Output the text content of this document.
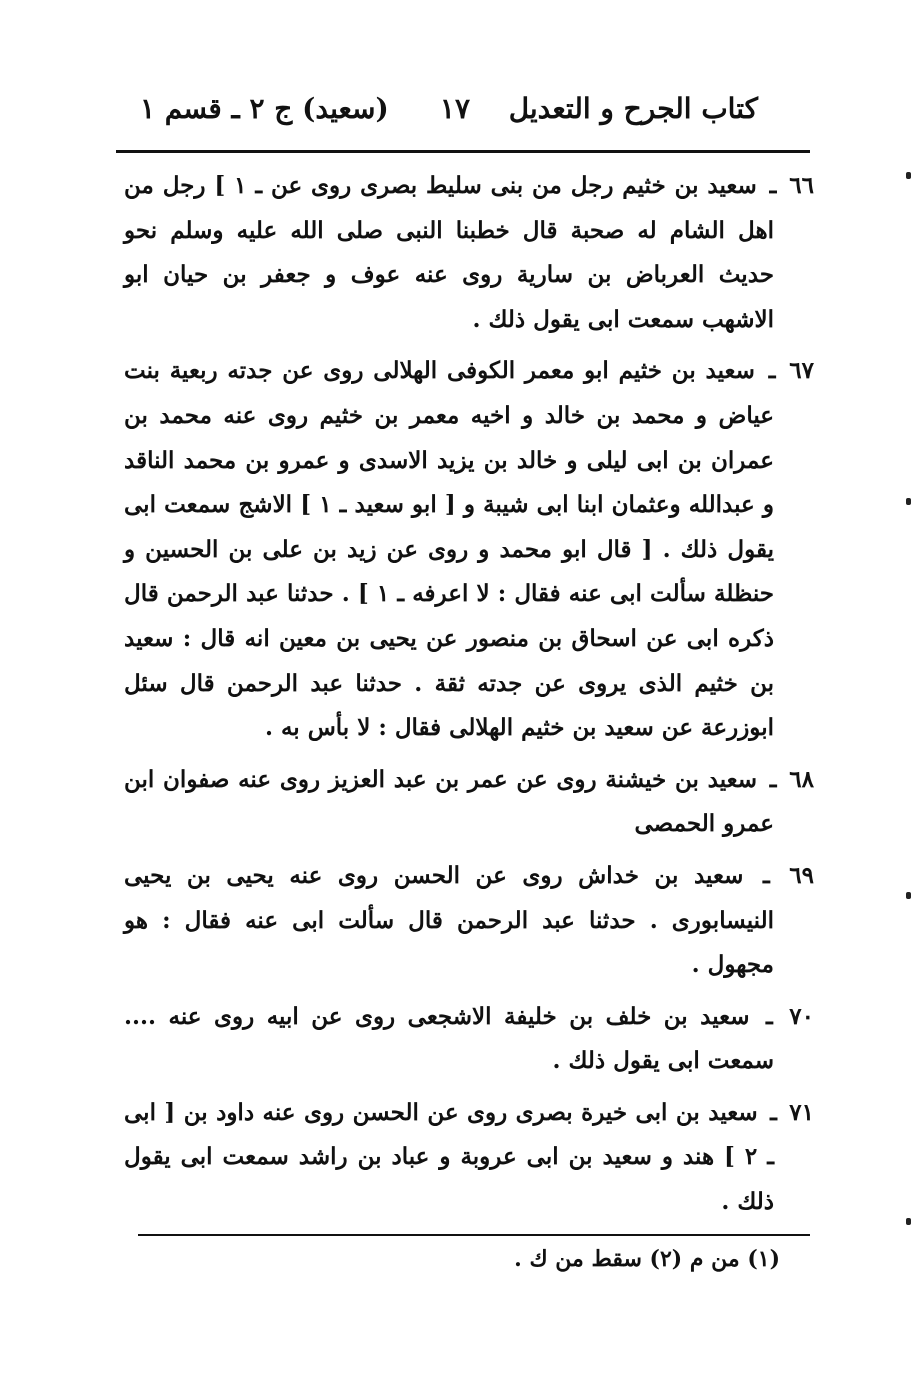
كتاب الجرح و التعديل
١٧
(سعيد) ج ٢ ـ قسم ١

٦٦ ـ سعيد بن خثيم رجل من بنى سليط بصرى روى عن ـ ١ ] رجل من اهل الشام له صحبة قال خطبنا النبى صلى الله عليه وسلم نحو حديث العرباض بن سارية روى عنه عوف و جعفر بن حيان ابو الاشهب سمعت ابى يقول ذلك .

٦٧ ـ سعيد بن خثيم ابو معمر الكوفى الهلالى روى عن جدته ربعية بنت عياض و محمد بن خالد و اخيه معمر بن خثيم روى عنه محمد بن عمران بن ابى ليلى و خالد بن يزيد الاسدى و عمرو بن محمد الناقد و عبدالله وعثمان ابنا ابى شيبة و [ ابو سعيد ـ ١ ] الاشج سمعت ابى يقول ذلك . [ قال ابو محمد و روى عن زيد بن على بن الحسين و حنظلة سألت ابى عنه فقال : لا اعرفه ـ ١ ] . حدثنا عبد الرحمن قال ذكره ابى عن اسحاق بن منصور عن يحيى بن معين انه قال : سعيد بن خثيم الذى يروى عن جدته ثقة . حدثنا عبد الرحمن قال سئل ابوزرعة عن سعيد بن خثيم الهلالى فقال : لا بأس به .

٦٨ ـ سعيد بن خيشنة روى عن عمر بن عبد العزيز روى عنه صفوان ابن عمرو الحمصى

٦٩ ـ سعيد بن خداش روى عن الحسن روى عنه يحيى بن يحيى النيسابورى . حدثنا عبد الرحمن قال سألت ابى عنه فقال : هو مجهول .

٧٠ ـ سعيد بن خلف بن خليفة الاشجعى روى عن ابيه روى عنه .... سمعت ابى يقول ذلك .

٧١ ـ سعيد بن ابى خيرة بصرى روى عن الحسن روى عنه داود بن [ ابى ـ ٢ ] هند و سعيد بن ابى عروبة و عباد بن راشد سمعت ابى يقول ذلك .

(١) من م (٢) سقط من ك .
